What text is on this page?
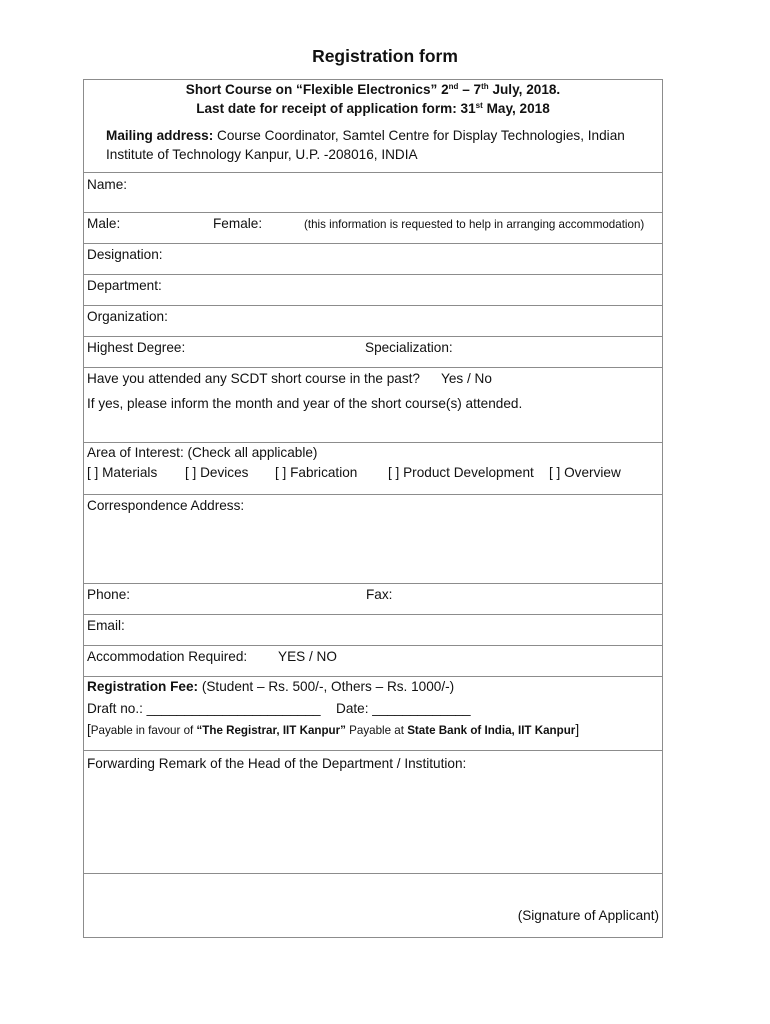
Registration form
Short Course on “Flexible Electronics” 2nd – 7th July, 2018.
Last date for receipt of application form: 31st May, 2018
Mailing address: Course Coordinator, Samtel Centre for Display Technologies, Indian
Institute of Technology Kanpur, U.P. -208016, INDIA
Name:
Male:	Female:	(this information is requested to help in arranging accommodation)
Designation:
Department:
Organization:
Highest Degree:	Specialization:
Have you attended any SCDT short course in the past? Yes / No
If yes, please inform the month and year of the short course(s) attended.
Area of Interest: (Check all applicable)
[ ] Materials [ ] Devices [ ] Fabrication [ ] Product Development [ ] Overview
Correspondence Address:
Phone:	Fax:
Email:
Accommodation Required: YES / NO
Registration Fee: (Student – Rs. 500/-, Others – Rs. 1000/-)
Draft no.: _______________________ Date: _____________
[Payable in favour of “The Registrar, IIT Kanpur” Payable at State Bank of India, IIT Kanpur]
Forwarding Remark of the Head of the Department / Institution:
(Signature of Applicant)
